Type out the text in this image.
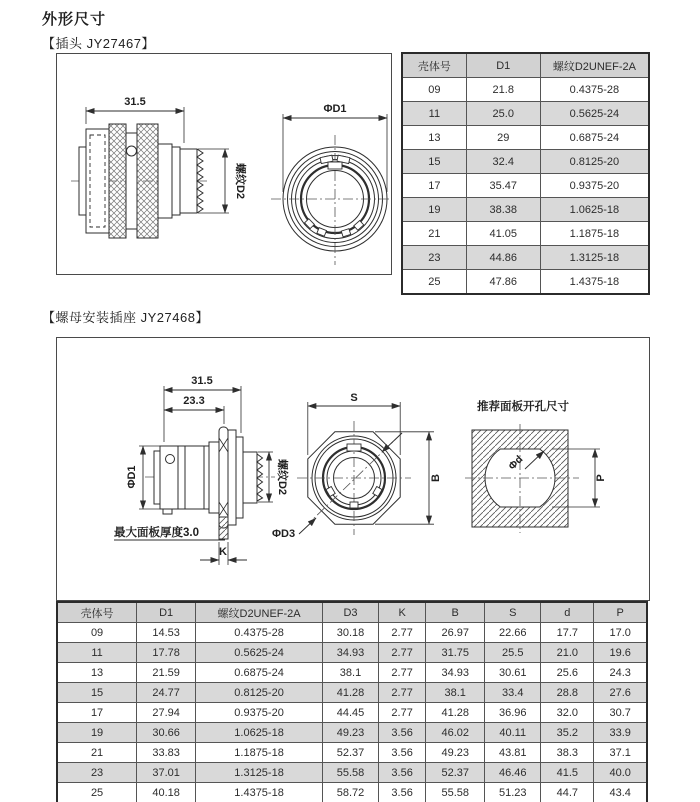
外形尺寸
【插头 JY27467】
31.5
ΦD1
螺纹D2
壳体号	D1	螺纹D2UNEF-2A
09	21.8	0.4375-28
11	25.0	0.5625-24
13	29	0.6875-24
15	32.4	0.8125-20
17	35.47	0.9375-20
19	38.38	1.0625-18
21	41.05	1.1875-18
23	44.86	1.3125-18
25	47.86	1.4375-18
【螺母安装插座 JY27468】
31.5
23.3
ΦD1	螺纹D2
最大面板厚度3.0
K
S
B
ΦD3
推荐面板开孔尺寸
Φd
P
壳体号	D1	螺纹D2UNEF-2A	D3	K	B	S	d	P
09	14.53	0.4375-28	30.18	2.77	26.97	22.66	17.7	17.0
11	17.78	0.5625-24	34.93	2.77	31.75	25.5	21.0	19.6
13	21.59	0.6875-24	38.1	2.77	34.93	30.61	25.6	24.3
15	24.77	0.8125-20	41.28	2.77	38.1	33.4	28.8	27.6
17	27.94	0.9375-20	44.45	2.77	41.28	36.96	32.0	30.7
19	30.66	1.0625-18	49.23	3.56	46.02	40.11	35.2	33.9
21	33.83	1.1875-18	52.37	3.56	49.23	43.81	38.3	37.1
23	37.01	1.3125-18	55.58	3.56	52.37	46.46	41.5	40.0
25	40.18	1.4375-18	58.72	3.56	55.58	51.23	44.7	43.4
